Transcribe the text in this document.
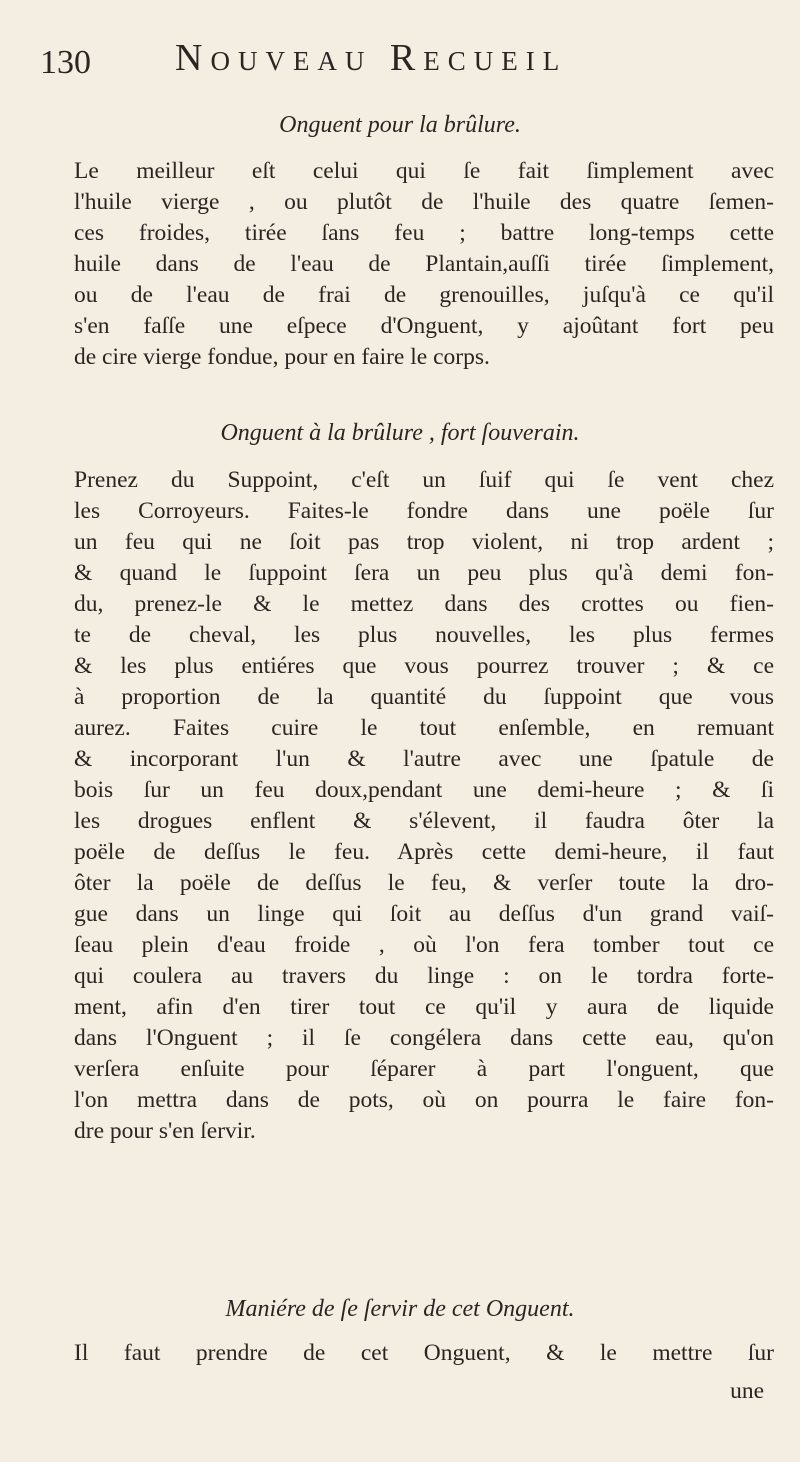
130 Nouveau Recueil
Onguent pour la brûlure.
Le meilleur eſt celui qui ſe fait ſimplement avec
l'huile vierge , ou plutôt de l'huile des quatre ſemen-
ces froides, tirée ſans feu ; battre long-temps cette
huile dans de l'eau de Plantain,auſſi tirée ſimplement,
ou de l'eau de frai de grenouilles, juſqu'à ce qu'il
s'en faſſe une eſpece d'Onguent, y ajoûtant fort peu
de cire vierge fondue, pour en faire le corps.
Onguent à la brûlure , fort ſouverain.
Prenez du Suppoint, c'eſt un ſuif qui ſe vent chez
les Corroyeurs. Faites-le fondre dans une poële ſur
un feu qui ne ſoit pas trop violent, ni trop ardent ;
& quand le ſuppoint ſera un peu plus qu'à demi fon-
du, prenez-le & le mettez dans des crottes ou fien-
te de cheval, les plus nouvelles, les plus fermes
& les plus entiéres que vous pourrez trouver ; & ce
à proportion de la quantité du ſuppoint que vous
aurez. Faites cuire le tout enſemble, en remuant
& incorporant l'un & l'autre avec une ſpatule de
bois ſur un feu doux,pendant une demi-heure ; & ſi
les drogues enflent & s'élevent, il faudra ôter la
poële de deſſus le feu. Après cette demi-heure, il faut
ôter la poële de deſſus le feu, & verſer toute la dro-
gue dans un linge qui ſoit au deſſus d'un grand vaiſ-
ſeau plein d'eau froide , où l'on fera tomber tout ce
qui coulera au travers du linge : on le tordra forte-
ment, afin d'en tirer tout ce qu'il y aura de liquide
dans l'Onguent ; il ſe congélera dans cette eau, qu'on
verſera enſuite pour ſéparer à part l'onguent, que
l'on mettra dans de pots, où on pourra le faire fon-
dre pour s'en ſervir.
Maniére de ſe ſervir de cet Onguent.
Il faut prendre de cet Onguent, & le mettre ſur
une
